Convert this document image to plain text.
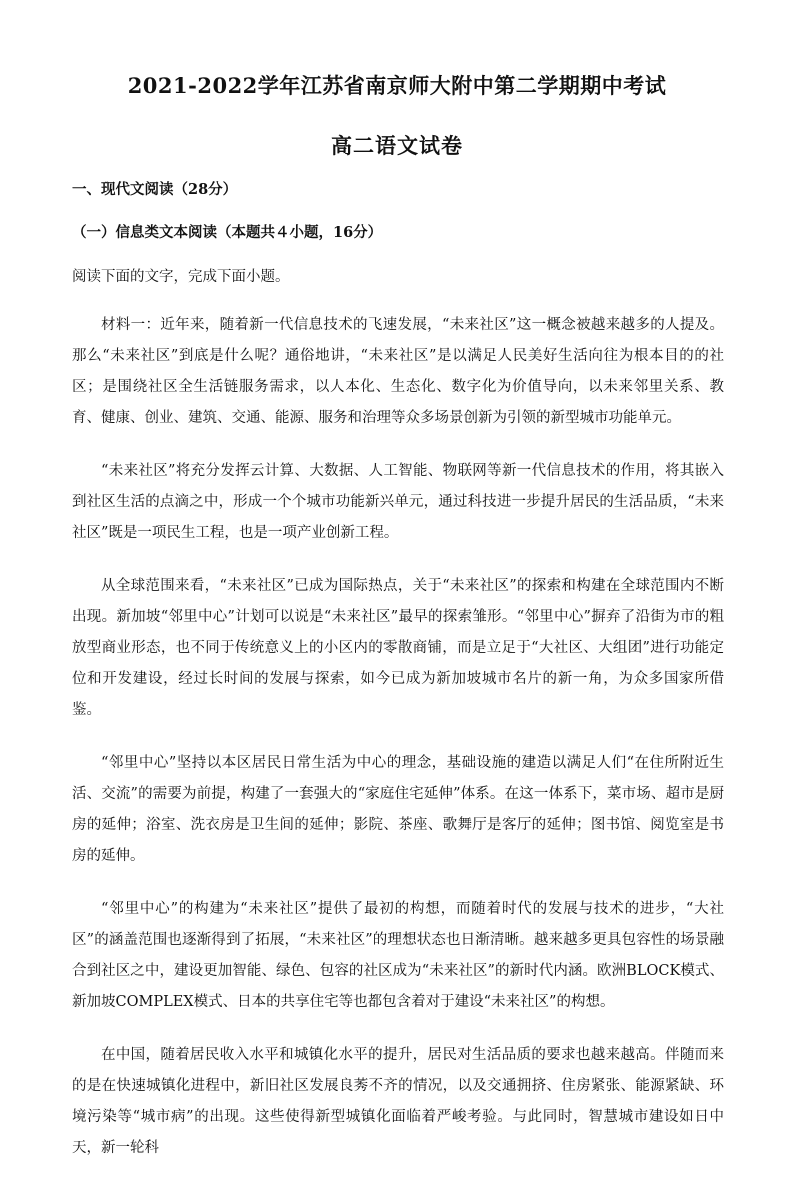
2021-2022学年江苏省南京师大附中第二学期期中考试
高二语文试卷
一、现代文阅读（28分）
（一）信息类文本阅读（本题共４小题，16分）
阅读下面的文字，完成下面小题。

材料一：近年来，随着新一代信息技术的飞速发展，“未来社区”这一概念被越来越多的人提及。那么“未来社区”到底是什么呢？通俗地讲，“未来社区”是以满足人民美好生活向往为根本目的的社区；是围绕社区全生活链服务需求，以人本化、生态化、数字化为价值导向，以未来邻里关系、教育、健康、创业、建筑、交通、能源、服务和治理等众多场景创新为引领的新型城市功能单元。

“未来社区”将充分发挥云计算、大数据、人工智能、物联网等新一代信息技术的作用，将其嵌入到社区生活的点滴之中，形成一个个城市功能新兴单元，通过科技进一步提升居民的生活品质，“未来社区”既是一项民生工程，也是一项产业创新工程。

从全球范围来看，“未来社区”已成为国际热点，关于“未来社区”的探索和构建在全球范围内不断出现。新加坡“邻里中心”计划可以说是“未来社区”最早的探索雏形。“邻里中心”摒弃了沿街为市的粗放型商业形态，也不同于传统意义上的小区内的零散商铺，而是立足于“大社区、大组团”进行功能定位和开发建设，经过长时间的发展与探索，如今已成为新加坡城市名片的新一角，为众多国家所借鉴。

“邻里中心”坚持以本区居民日常生活为中心的理念，基础设施的建造以满足人们“在住所附近生活、交流”的需要为前提，构建了一套强大的“家庭住宅延伸”体系。在这一体系下，菜市场、超市是厨房的延伸；浴室、洗衣房是卫生间的延伸；影院、茶座、歌舞厅是客厅的延伸；图书馆、阅览室是书房的延伸。

“邻里中心”的构建为“未来社区”提供了最初的构想，而随着时代的发展与技术的进步，“大社区”的涵盖范围也逐渐得到了拓展，“未来社区”的理想状态也日渐清晰。越来越多更具包容性的场景融合到社区之中，建设更加智能、绿色、包容的社区成为“未来社区”的新时代内涵。欧洲BLOCK模式、新加坡COMPLEX模式、日本的共享住宅等也都包含着对于建设“未来社区”的构想。

在中国，随着居民收入水平和城镇化水平的提升，居民对生活品质的要求也越来越高。伴随而来的是在快速城镇化进程中，新旧社区发展良莠不齐的情况，以及交通拥挤、住房紧张、能源紧缺、环境污染等“城市病”的出现。这些使得新型城镇化面临着严峻考验。与此同时，智慧城市建设如日中天，新一轮科
